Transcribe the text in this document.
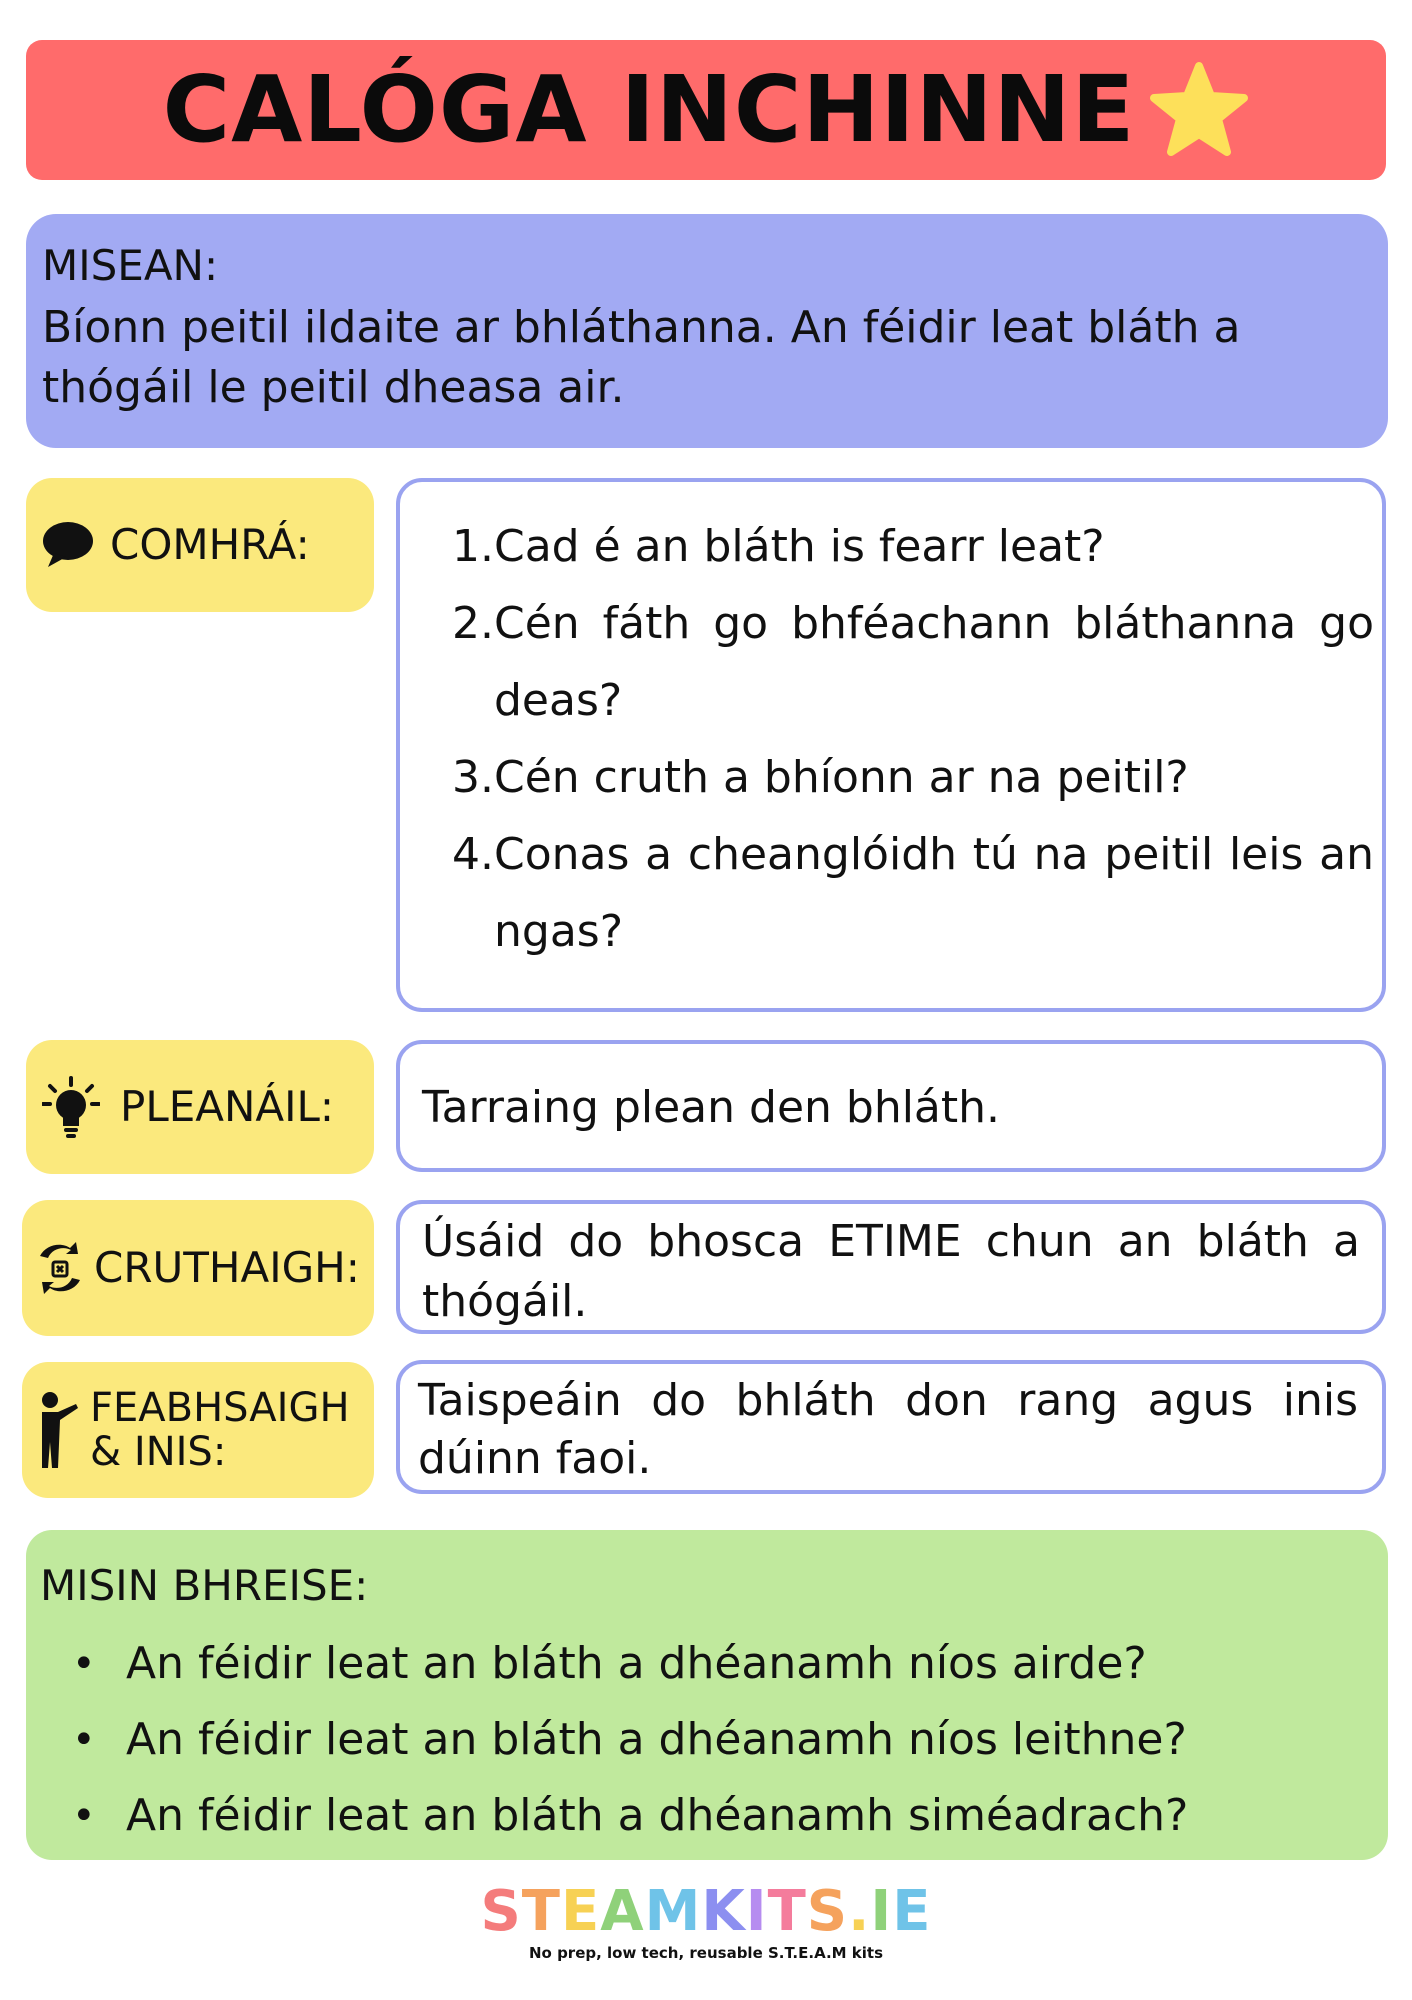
CALÓGA INCHINNE
MISEAN:
Bíonn peitil ildaite ar bhláthanna. An féidir leat bláth a thógáil le peitil dheasa air.
COMHRÁ:	1. Cad é an bláth is fearr leat?
2. Cén fáth go bhféachann bláthanna go deas?
3. Cén cruth a bhíonn ar na peitil?
4. Conas a cheanglóidh tú na peitil leis an ngas?
PLEANÁIL:	Tarraing plean den bhláth.
CRUTHAIGH:
Úsáid do bhosca ETIME chun an bláth a thógáil.
FEABHSAIGH
& INIS:
Taispeáin do bhláth don rang agus inis dúinn faoi.
MISIN BHREISE:
• An féidir leat an bláth a dhéanamh níos airde?
• An féidir leat an bláth a dhéanamh níos leithne?
• An féidir leat an bláth a dhéanamh siméadrach?
STEAMKITS.IE
No prep, low tech, reusable S.T.E.A.M kits
